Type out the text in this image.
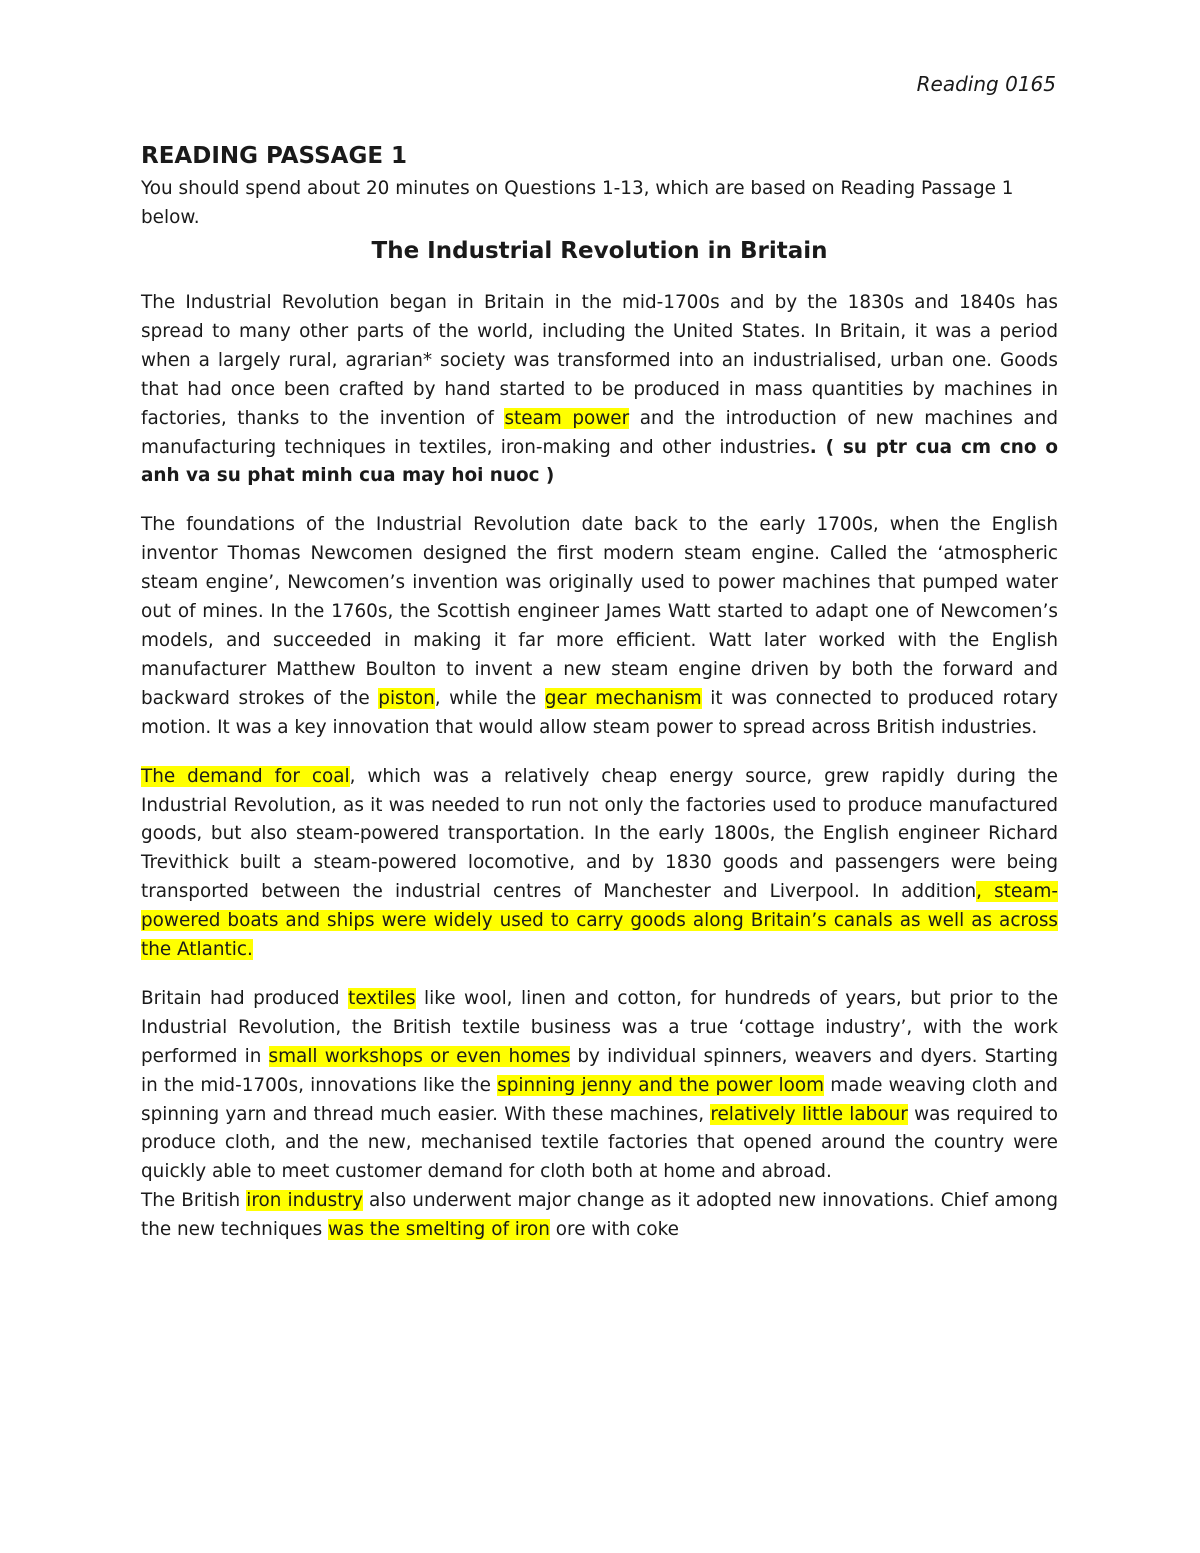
Reading 0165
READING PASSAGE 1

You should spend about 20 minutes on Questions 1-13, which are based on Reading Passage 1 below.

The Industrial Revolution in Britain

The Industrial Revolution began in Britain in the mid-1700s and by the 1830s and 1840s has spread to many other parts of the world, including the United States. In Britain, it was a period when a largely rural, agrarian* society was transformed into an industrialised, urban one. Goods that had once been crafted by hand started to be produced in mass quantities by machines in factories, thanks to the invention of steam power and the introduction of new machines and manufacturing techniques in textiles, iron-making and other industries. ( su ptr cua cm cno o anh va su phat minh cua may hoi nuoc )

The foundations of the Industrial Revolution date back to the early 1700s, when the English inventor Thomas Newcomen designed the first modern steam engine. Called the ‘atmospheric steam engine’, Newcomen’s invention was originally used to power machines that pumped water out of mines. In the 1760s, the Scottish engineer James Watt started to adapt one of Newcomen’s models, and succeeded in making it far more efficient. Watt later worked with the English manufacturer Matthew Boulton to invent a new steam engine driven by both the forward and backward strokes of the piston, while the gear mechanism it was connected to produced rotary motion. It was a key innovation that would allow steam power to spread across British industries.

The demand for coal, which was a relatively cheap energy source, grew rapidly during the Industrial Revolution, as it was needed to run not only the factories used to produce manufactured goods, but also steam-powered transportation. In the early 1800s, the English engineer Richard Trevithick built a steam-powered locomotive, and by 1830 goods and passengers were being transported between the industrial centres of Manchester and Liverpool. In addition, steam-powered boats and ships were widely used to carry goods along Britain’s canals as well as across the Atlantic.

Britain had produced textiles like wool, linen and cotton, for hundreds of years, but prior to the Industrial Revolution, the British textile business was a true ‘cottage industry’, with the work performed in small workshops or even homes by individual spinners, weavers and dyers. Starting in the mid-1700s, innovations like the spinning jenny and the power loom made weaving cloth and spinning yarn and thread much easier. With these machines, relatively little labour was required to produce cloth, and the new, mechanised textile factories that opened around the country were quickly able to meet customer demand for cloth both at home and abroad.

The British iron industry also underwent major change as it adopted new innovations. Chief among the new techniques was the smelting of iron ore with coke
